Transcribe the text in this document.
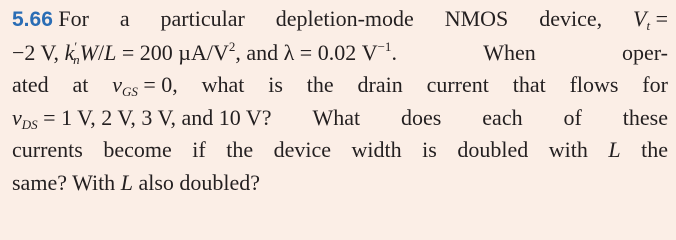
5.66 For a particular depletion-mode NMOS device, $V_t$ =
−2 V, $k'_nW/L = 200$ $\mu A/V^2$, and λ = 0.02 $V^{-1}$.	When	oper-
ated at $v_{GS} = 0$, what is the drain current that flows for
$v_{DS} = 1$ V, 2 V, 3 V, and 10 V? What does each of these
currents become if the device width is doubled with L the
same? With L also doubled?
